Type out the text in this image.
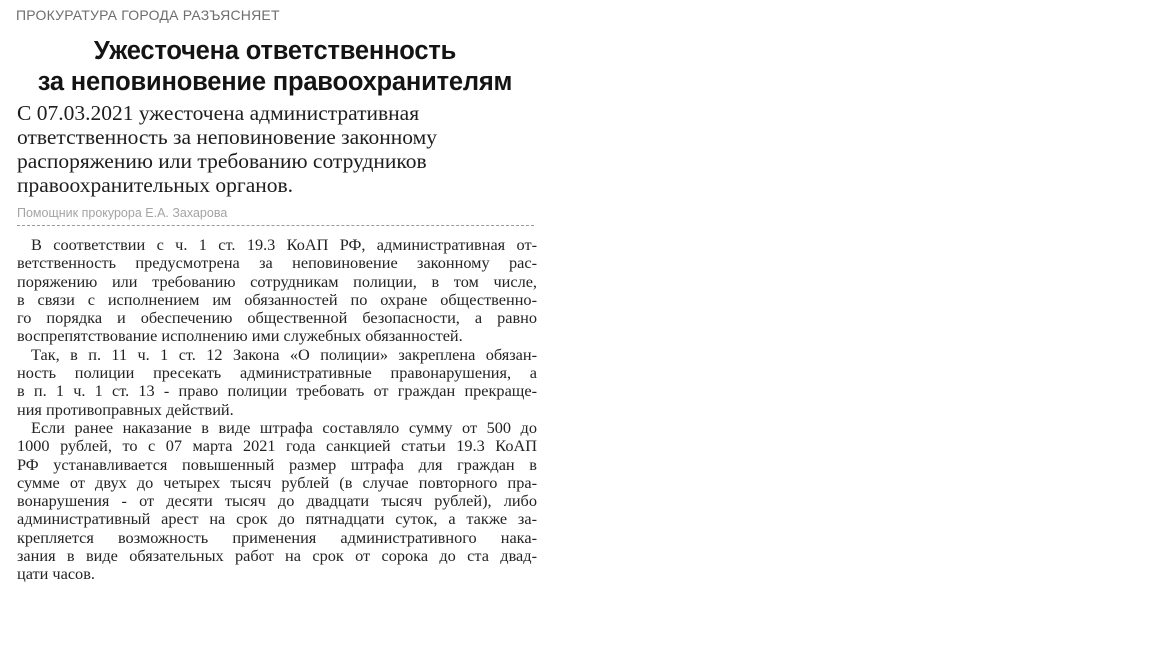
ПРОКУРАТУРА ГОРОДА РАЗЪЯСНЯЕТ
Ужесточена ответственность
за неповиновение правоохранителям
С 07.03.2021 ужесточена административная
ответственность за неповиновение законному
распоряжению или требованию сотрудников
правоохранительных органов.
Помощник прокурора Е.А. Захарова
В соответствии с ч. 1 ст. 19.3 КоАП РФ, административная от-
ветственность предусмотрена за неповиновение законному рас-
поряжению или требованию сотрудникам полиции, в том числе,
в связи с исполнением им обязанностей по охране общественно-
го порядка и обеспечению общественной безопасности, а равно
воспрепятствование исполнению ими служебных обязанностей.
Так, в п. 11 ч. 1 ст. 12 Закона «О полиции» закреплена обязан-
ность полиции пресекать административные правонарушения, а
в п. 1 ч. 1 ст. 13 - право полиции требовать от граждан прекраще-
ния противоправных действий.
Если ранее наказание в виде штрафа составляло сумму от 500 до
1000 рублей, то с 07 марта 2021 года санкцией статьи 19.3 КоАП
РФ устанавливается повышенный размер штрафа для граждан в
сумме от двух до четырех тысяч рублей (в случае повторного пра-
вонарушения - от десяти тысяч до двадцати тысяч рублей), либо
административный арест на срок до пятнадцати суток, а также за-
крепляется возможность применения административного нака-
зания в виде обязательных работ на срок от сорока до ста двад-
цати часов.
